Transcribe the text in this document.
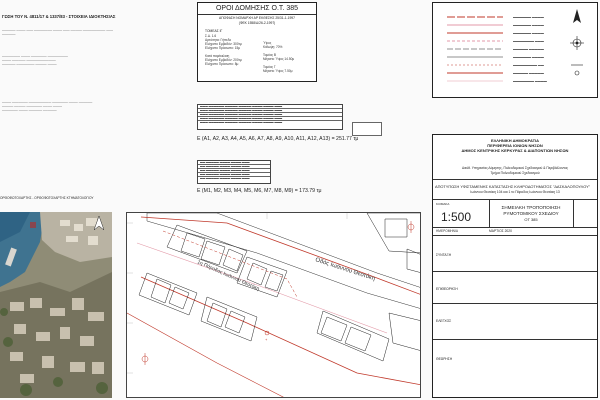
ΓΩΣΗ ΤΟΥ Ν. 4811/17 & 1337/83 - ΣΤΟΙΧΕΙΑ ΙΔΙΟΚΤΗΣΙΑΣ
────── ──── ─── ──────── ──── ─── ───── ────────── ─── ──────
──────── ──── ─────── ─────────
──── ────── ─────────────
────── ──────── ───── ────
──── ─────── ────────── ─────── ──── ──────
───── ───── ─────── ──── ────
─────── ──── ────── ──────
ΟΡΟΙ ΔΟΜΗΣΗΣ Ο.Τ. 385
ΑΠΟΦΑΣΗ ΝΟΜΑΡΧΗ ΑΡ ΕΚΘΕΣΗΣ 25/31-1-1997
(ΦΕΚ 1558/Δ/26-2-1997)
ΤΟΜΕΑΣ ΙΓ
Σ.Δ. 1.6
Αρτιότητα: Γήπεδο
Ελάχιστο Εμβαδόν: 300τμ
Ελάχιστο Πρόσωπο: 15μ

Κατά παρέκκλιση
Ελάχιστο Εμβαδόν: 200τμ
Ελάχιστο Πρόσωπο: 8μ
Ύψος
Κάλυψη: 70%

Τομέας Β
Μέγιστο Ύψος 14.50μ

Τομέας Γ
Μέγιστο Ύψος 7.50μ
▬▬▬ ▬▬▬▬▬▬ ▬▬▬▬▬ ▬▬▬▬▬ ▬▬▬▬ ▬▬▬▬ ▬▬▬
▬▬▬ ▬▬▬▬▬▬ ▬▬▬▬▬ ▬▬▬▬▬ ▬▬▬▬ ▬▬▬▬ ▬▬▬
▬▬▬ ▬▬▬▬▬▬ ▬▬▬▬▬ ▬▬▬▬▬ ▬▬▬▬ ▬▬▬▬ ▬▬▬
▬▬▬ ▬▬▬▬▬▬ ▬▬▬▬▬ ▬▬▬▬▬ ▬▬▬▬ ▬▬▬▬ ▬▬▬
▬▬▬ ▬▬▬▬▬▬ ▬▬▬▬▬ ▬▬▬▬▬ ▬▬▬▬ ▬▬▬▬ ▬▬▬
Ε (Α1, Α2, Α3, Α4, Α5, Α6, Α7, Α8, Α9, Α10, Α11, Α12, Α13) = 251.77 τμ
▬▬ ▬▬▬▬▬ ▬▬▬▬ ▬▬▬▬ ▬▬▬
▬▬ ▬▬▬▬▬ ▬▬▬▬ ▬▬▬▬ ▬▬▬
▬▬ ▬▬▬▬▬ ▬▬▬▬ ▬▬▬▬ ▬▬▬
▬▬ ▬▬▬▬▬ ▬▬▬▬ ▬▬▬▬ ▬▬▬
▬▬ ▬▬▬▬▬ ▬▬▬▬ ▬▬▬▬ ▬▬▬
Ε (Μ1, Μ2, Μ3, Μ4, Μ5, Μ6, Μ7, Μ8, Μ9) = 173.79 τμ
▬▬▬▬▬▬ ▬▬▬▬
▬▬▬▬▬▬ ▬▬▬▬
▬▬▬▬▬▬ ▬▬▬▬
▬▬▬▬▬▬▬ ▬▬▬
▬▬▬▬▬ ▬▬▬▬▬
▬▬▬▬▬▬ ▬▬▬▬
▬▬▬▬▬▬▬▬ ▬▬
▬▬▬▬▬ ▬▬▬▬▬
▬▬▬▬▬▬▬ ▬▬▬▬
ΕΛΛΗΝΙΚΗ ΔΗΜΟΚΡΑΤΙΑ
ΠΕΡΙΦΕΡΕΙΑ ΙΟΝΙΩΝ ΝΗΣΩΝ
ΔΗΜΟΣ ΚΕΝΤΡΙΚΗΣ ΚΕΡΚΥΡΑΣ & ΔΙΑΠΟΝΤΙΩΝ ΝΗΣΩΝ
Διεύθ. Υπηρεσίας Δόμησης, Πολεοδομικού Σχεδιασμού & Περιβάλλοντος
Τμήμα Πολεοδομικού Σχεδιασμού
ΑΠΟΤΥΠΩΣΗ ΥΦΙΣΤΑΜΕΝΗΣ ΚΑΤΑΣΤΑΣΗΣ ΚΛΗΡΟΔΟΤΗΜΑΤΟΣ "ΔΑΣΚΑΛΟΠΟΥΛΟΥ"
Ιωάννου Θεοτόκη 104 και 1 το Πάροδος Ιωάννου Θεοτόκη 13
ΚΛΙΜΑΚΑ
1:500
ΣΗΜΕΙΑΚΗ ΤΡΟΠΟΠΟΙΗΣΗ
ΡΥΜΟΤΟΜΙΚΟΥ ΣΧΕΔΙΟΥ
ΟΤ 385
ΗΜΕΡΟΜΗΝΙΑ	ΜΑΡΤΙΟΣ 2020
ΣΥΝΤΑΞΗ
ΕΠΙΘΕΩΡΗΣΗ
ΕΛΕΓΧΟΣ
ΘΕΩΡΗΣΗ
ΟΡΘΟΦΩΤΟΧΑΡΤΗΣ - ΟΡΘΟΦΩΤΟΧΑΡΤΗΣ ΚΤΗΜΑΤΟΛΟΓΙΟΥ
+
Οδός Ιωάννου Θεοτόκη
1η Πάροδος Ιωάννου Θεοτόκη
